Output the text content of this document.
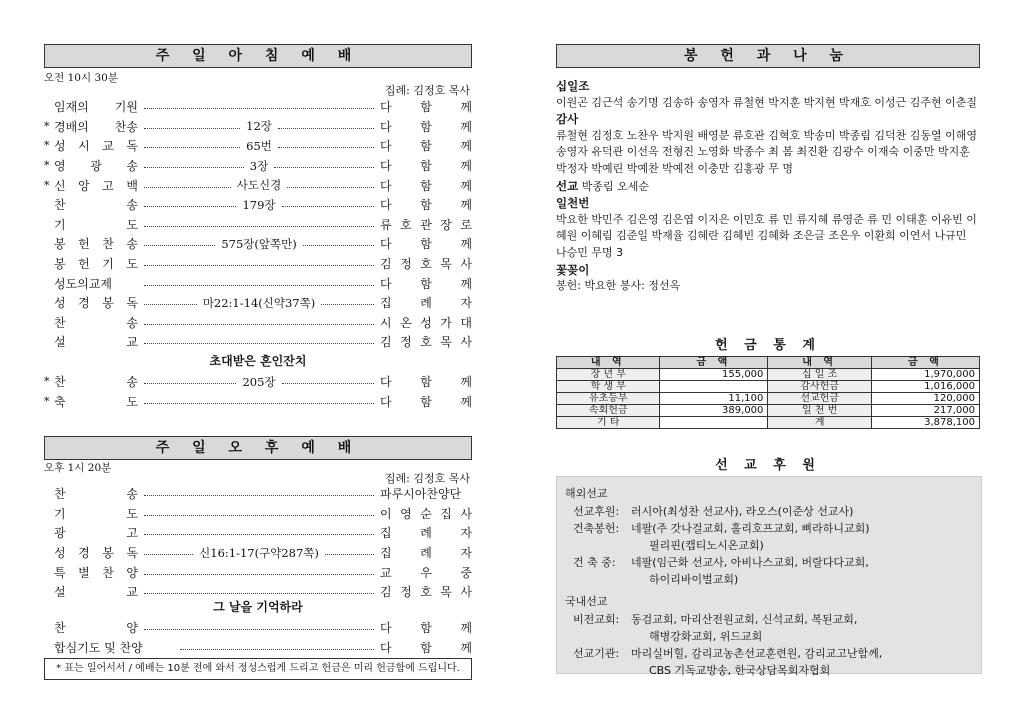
주 일 아 침 예 배
오전 10시 30분
집례: 김정호 목사
임재의 기원	다 함 께
* 경배의 찬송	12장	다 함 께
* 성 시 교 독	65번	다 함 께
* 영 광 송	3장	다 함 께
* 신 앙 고 백	사도신경	다 함 께
찬 송	179장	다 함 께
기 도	류 호 관 장 로
봉 헌 찬 송	575장(앞쪽만)	다 함 께
봉 헌 기 도	김 정 호 목 사
성도의교제	다 함 께
성 경 봉 독	마22:1-14(신약37쪽)	집 례 자
찬 송	시 온 성 가 대
설 교	김 정 호 목 사
초대받은 혼인잔치
* 찬 송	205장	다 함 께
* 축 도	다 함 께
주 일 오 후 예 배
오후 1시 20분
집례: 김정호 목사
찬 송	파루시아찬양단
기 도	이 영 순 집 사
광 고	집 례 자
성 경 봉 독	신16:1-17(구약287쪽)	집 례 자
특 별 찬 양	교 우 중
설 교	김 정 호 목 사
그 날을 기억하라
찬 양	다 함 께
합심기도 및 찬양	다 함 께
* 표는 일어서서 / 예배는 10분 전에 와서 정성스럽게 드리고 헌금은 미리 헌금함에 드립니다.
봉 헌 과 나 눔
십일조
이원곤 김근석 송기명 김송하 송영자 류철현 박지훈 박지현 박재호 이성근 김주현 이춘질
감사
류철현 김정호 노찬우 박지원 배영분 류호관 김혁호 박송미 박종림 김덕찬 김동열 이해영 송영자 유덕관 이선옥 전형진 노영화 박종수 최 봄 최진환 김광수 이재숙 이중만 박지훈 박정자 박예린 박예찬 박예전 이충만 김홍광 무 명
선교 박종림 오세순
일천번
박요한 박민주 김은영 김은엽 이지은 이민호 류 민 류지혜 류영준 류 민 이태훈 이유빈 이혜원 이혜림 김준일 박재율 김혜란 김혜빈 김혜화 조은글 조은우 이환희 이연서 나규민 나승민 무명 3
꽃꽂이
봉헌: 박요한 봉사: 정선옥
헌 금 통 계
내 역	금 액	내 역	금 액
장 년 부	155,000	십 일 조	1,970,000
학 생 부		감사헌금	1,016,000
유초등부	11,100	선교헌금	120,000
속회헌금	389,000	일 천 번	217,000
기 타		계	3,878,100
선 교 후 원
해외선교
선교후원: 러시아(최성찬 선교사), 라오스(이준상 선교사)
건축봉헌: 네팔(주 갓나걸교회, 훌리호프교회, 삐라하니교회)
필리핀(캡티노시온교회)
건 축 중: 네팔(임근화 선교사, 아비나스교회, 버랄다다교회,
하이리바이벌교회)
국내선교
비전교회: 동검교회, 마리산전원교회, 신석교회, 복된교회,
해병강화교회, 위드교회
선교기관: 마리실버힐, 감리교농촌선교훈련원, 감리교고난함께,
CBS 기독교방송, 한국상담목회자협회
